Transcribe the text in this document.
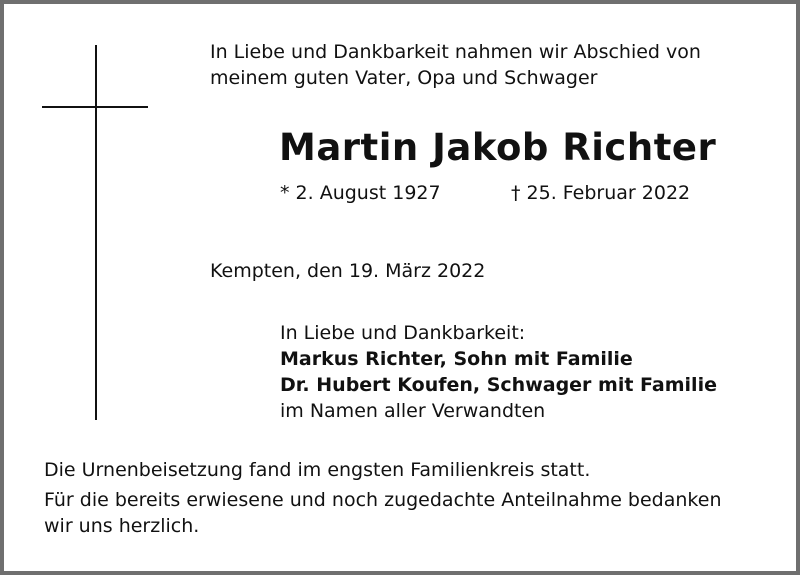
In Liebe und Dankbarkeit nahmen wir Abschied von
meinem guten Vater, Opa und Schwager
Martin Jakob Richter
* 2. August 1927	† 25. Februar 2022
Kempten, den 19. März 2022
In Liebe und Dankbarkeit:
Markus Richter, Sohn mit Familie
Dr. Hubert Koufen, Schwager mit Familie
im Namen aller Verwandten
Die Urnenbeisetzung fand im engsten Familienkreis statt.
Für die bereits erwiesene und noch zugedachte Anteilnahme bedanken
wir uns herzlich.
